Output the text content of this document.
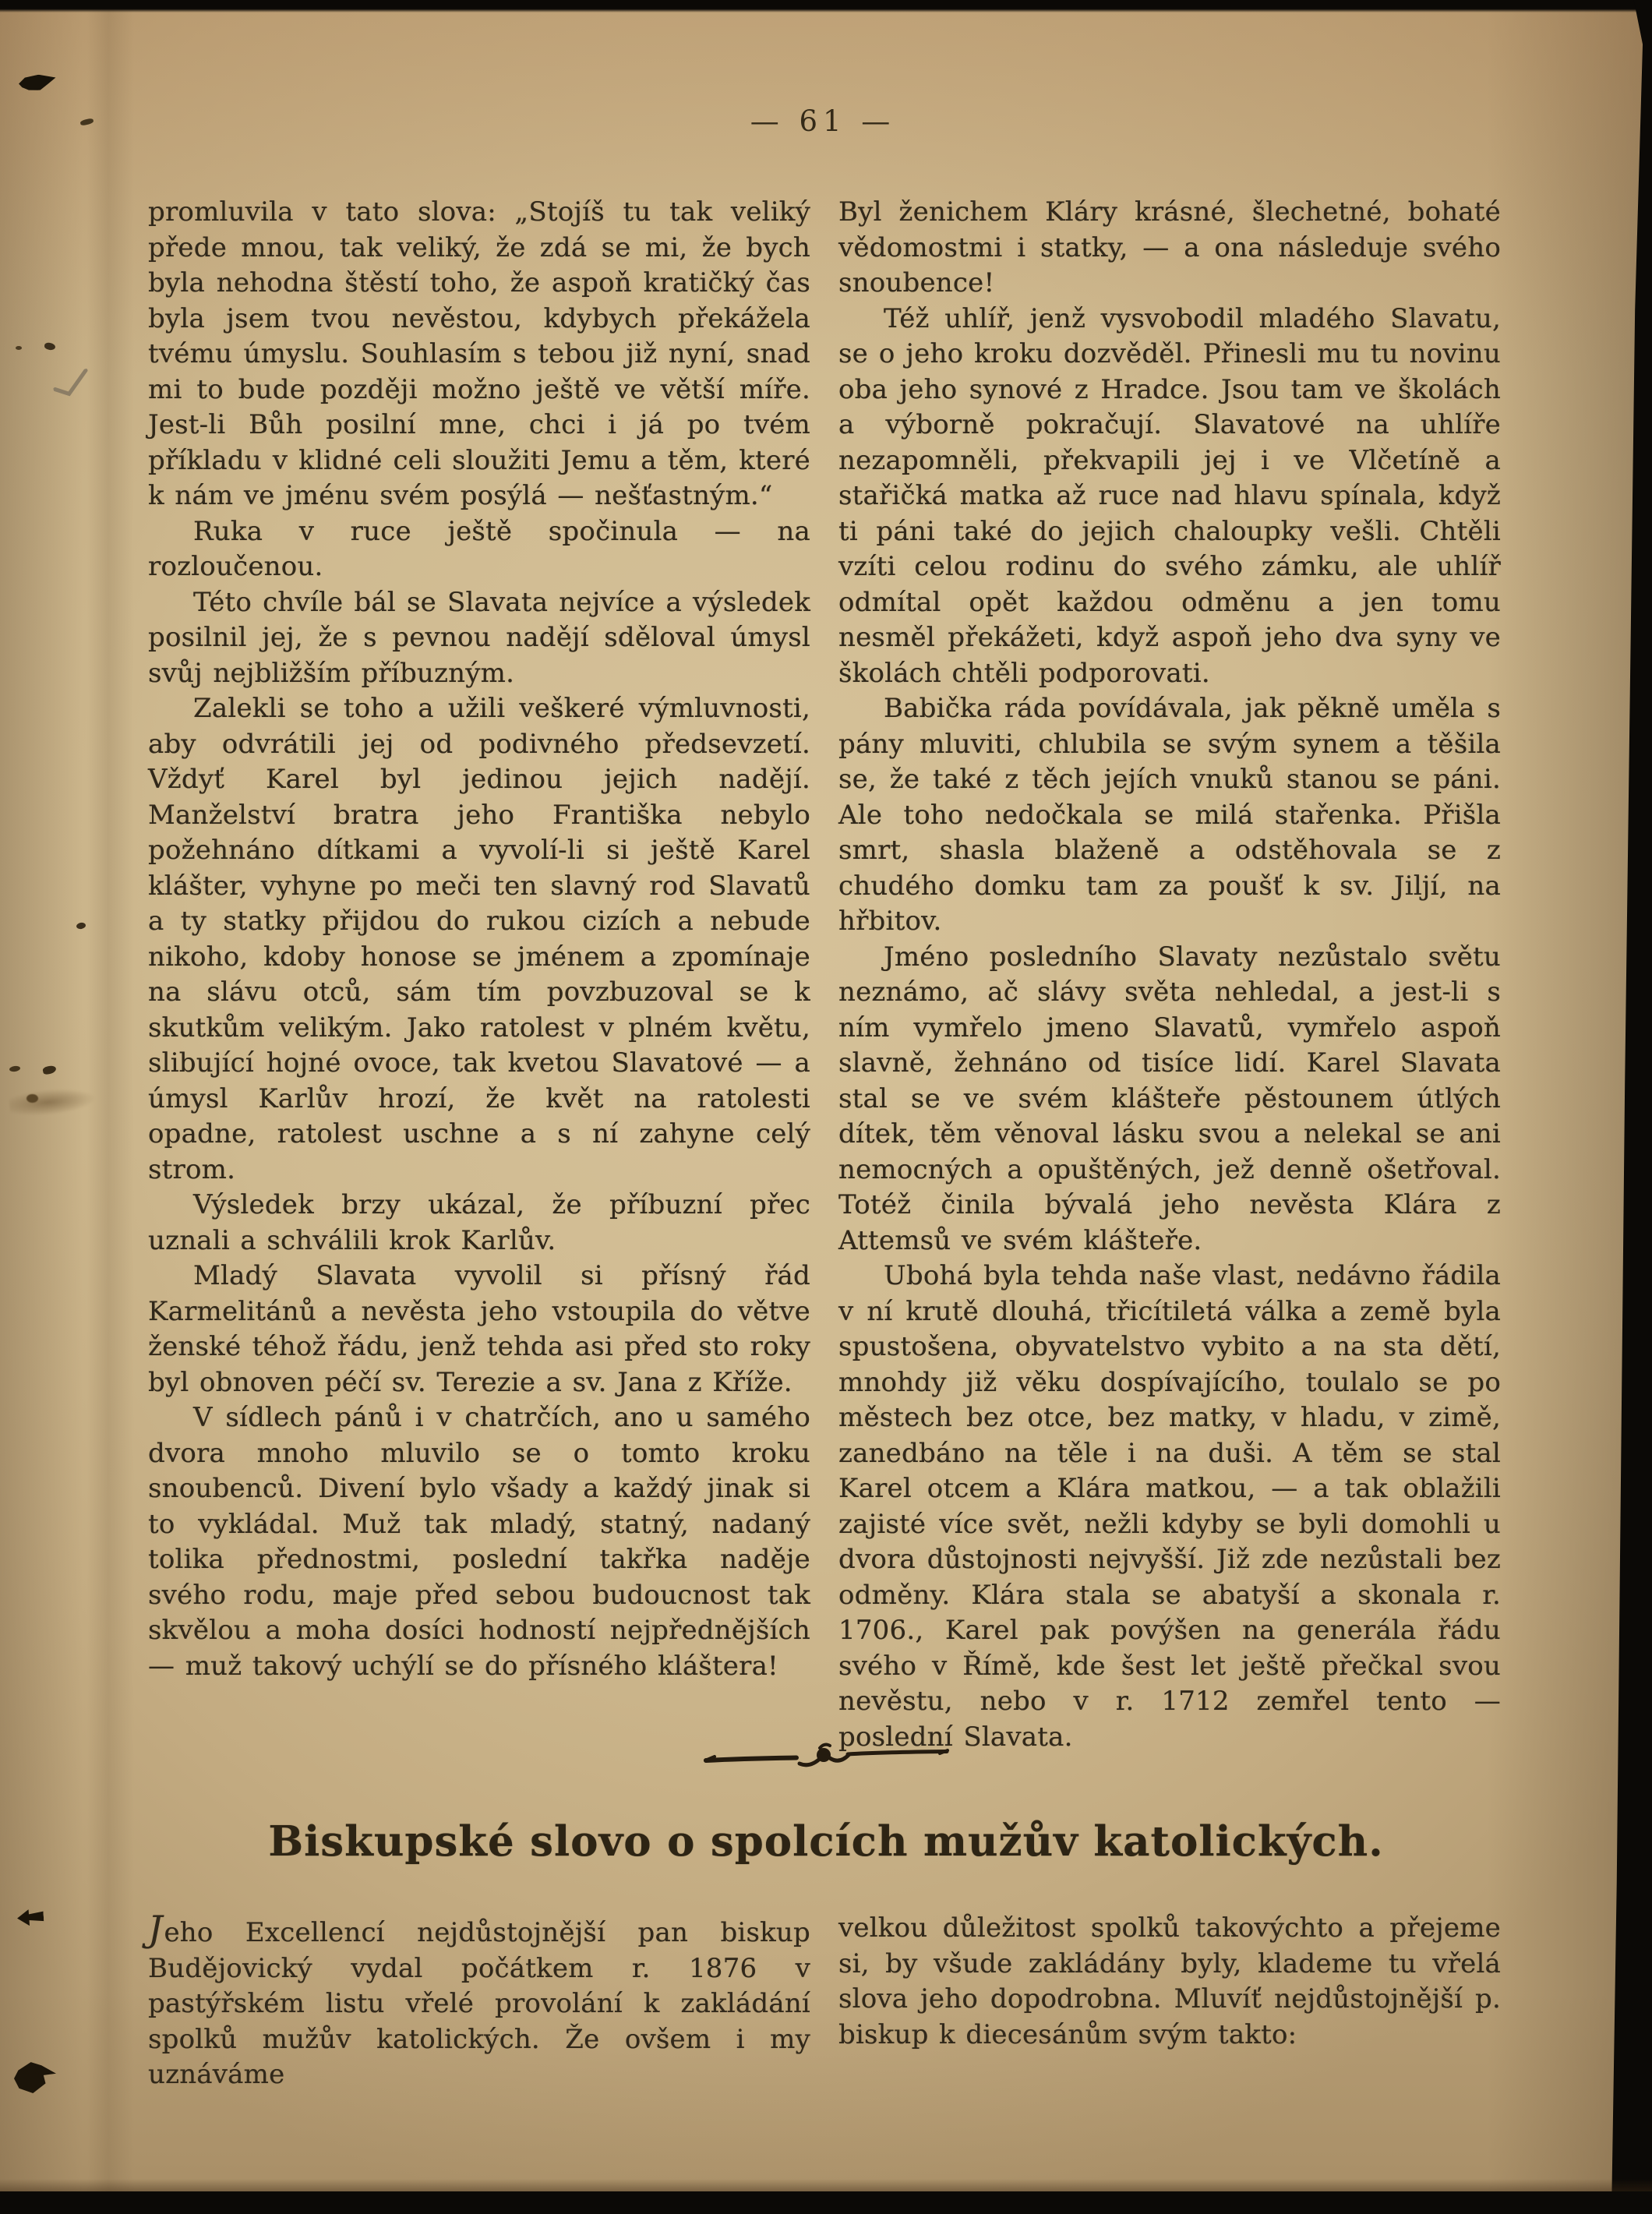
— 61 —

promluvila v tato slova: „Stojíš tu tak veliký přede mnou, tak veliký, že zdá se mi, že bych byla nehodna štěstí toho, že aspoň kratičký čas byla jsem tvou nevěstou, kdybych překážela tvému úmyslu. Souhlasím s tebou již nyní, snad mi to bude později možno ještě ve větší míře. Jest-li Bůh posilní mne, chci i já po tvém příkladu v klidné celi sloužiti Jemu a těm, které k nám ve jménu svém posýlá — nešťastným.“

Ruka v ruce ještě spočinula — na rozloučenou.

Této chvíle bál se Slavata nejvíce a výsledek posilnil jej, že s pevnou nadějí sděloval úmysl svůj nejbližším příbuzným.

Zalekli se toho a užili veškeré výmluvnosti, aby odvrátili jej od podivného předsevzetí. Vždyť Karel byl jedinou jejich nadějí. Manželství bratra jeho Františka nebylo požehnáno dítkami a vyvolí-li si ještě Karel klášter, vyhyne po meči ten slavný rod Slavatů a ty statky přijdou do rukou cizích a nebude nikoho, kdoby honose se jménem a zpomínaje na slávu otců, sám tím povzbuzoval se k skutkům velikým. Jako ratolest v plném květu, slibující hojné ovoce, tak kvetou Slavatové — a úmysl Karlův hrozí, že květ na ratolesti opadne, ratolest uschne a s ní zahyne celý strom.

Výsledek brzy ukázal, že příbuzní přec uznali a schválili krok Karlův.

Mladý Slavata vyvolil si přísný řád Karmelitánů a nevěsta jeho vstoupila do větve ženské téhož řádu, jenž tehda asi před sto roky byl obnoven péčí sv. Terezie a sv. Jana z Kříže.

V sídlech pánů i v chatrčích, ano u samého dvora mnoho mluvilo se o tomto kroku snoubenců. Divení bylo všady a každý jinak si to vykládal. Muž tak mladý, statný, nadaný tolika přednostmi, poslední takřka naděje svého rodu, maje před sebou budoucnost tak skvělou a moha dosíci hodností nejpřednějších — muž takový uchýlí se do přísného kláštera!

Byl ženichem Kláry krásné, šlechetné, bohaté vědomostmi i statky, — a ona následuje svého snoubence!

Též uhlíř, jenž vysvobodil mladého Slavatu, se o jeho kroku dozvěděl. Přinesli mu tu novinu oba jeho synové z Hradce. Jsou tam ve školách a výborně pokračují. Slavatové na uhlíře nezapomněli, překvapili jej i ve Vlčetíně a stařičká matka až ruce nad hlavu spínala, když ti páni také do jejich chaloupky vešli. Chtěli vzíti celou rodinu do svého zámku, ale uhlíř odmítal opět každou odměnu a jen tomu nesměl překážeti, když aspoň jeho dva syny ve školách chtěli podporovati.

Babička ráda povídávala, jak pěkně uměla s pány mluviti, chlubila se svým synem a těšila se, že také z těch jejích vnuků stanou se páni. Ale toho nedočkala se milá stařenka. Přišla smrt, shasla blaženě a odstěhovala se z chudého domku tam za poušť k sv. Jiljí, na hřbitov.

Jméno posledního Slavaty nezůstalo světu neznámo, ač slávy světa nehledal, a jest-li s ním vymřelo jmeno Slavatů, vymřelo aspoň slavně, žehnáno od tisíce lidí. Karel Slavata stal se ve svém klášteře pěstounem útlých dítek, těm věnoval lásku svou a nelekal se ani nemocných a opuštěných, jež denně ošetřoval. Totéž činila bývalá jeho nevěsta Klára z Attemsů ve svém klášteře.

Ubohá byla tehda naše vlast, nedávno řádila v ní krutě dlouhá, třicítiletá válka a země byla spustošena, obyvatelstvo vybito a na sta dětí, mnohdy již věku dospívajícího, toulalo se po městech bez otce, bez matky, v hladu, v zimě, zanedbáno na těle i na duši. A těm se stal Karel otcem a Klára matkou, — a tak oblažili zajisté více svět, nežli kdyby se byli domohli u dvora důstojnosti nejvyšší. Již zde nezůstali bez odměny. Klára stala se abatyší a skonala r. 1706., Karel pak povýšen na generála řádu svého v Římě, kde šest let ještě přečkal svou nevěstu, nebo v r. 1712 zemřel tento — poslední Slavata.

Biskupské slovo o spolcích mužův katolických.

Jeho Excellencí nejdůstojnější pan biskup Budějovický vydal počátkem r. 1876 v pastýřském listu vřelé provolání k zakládání spolků mužův katolických. Že ovšem i my uznáváme

velkou důležitost spolků takovýchto a přejeme si, by všude zakládány byly, klademe tu vřelá slova jeho dopodrobna. Mluvíť nejdůstojnější p. biskup k diecesánům svým takto:
